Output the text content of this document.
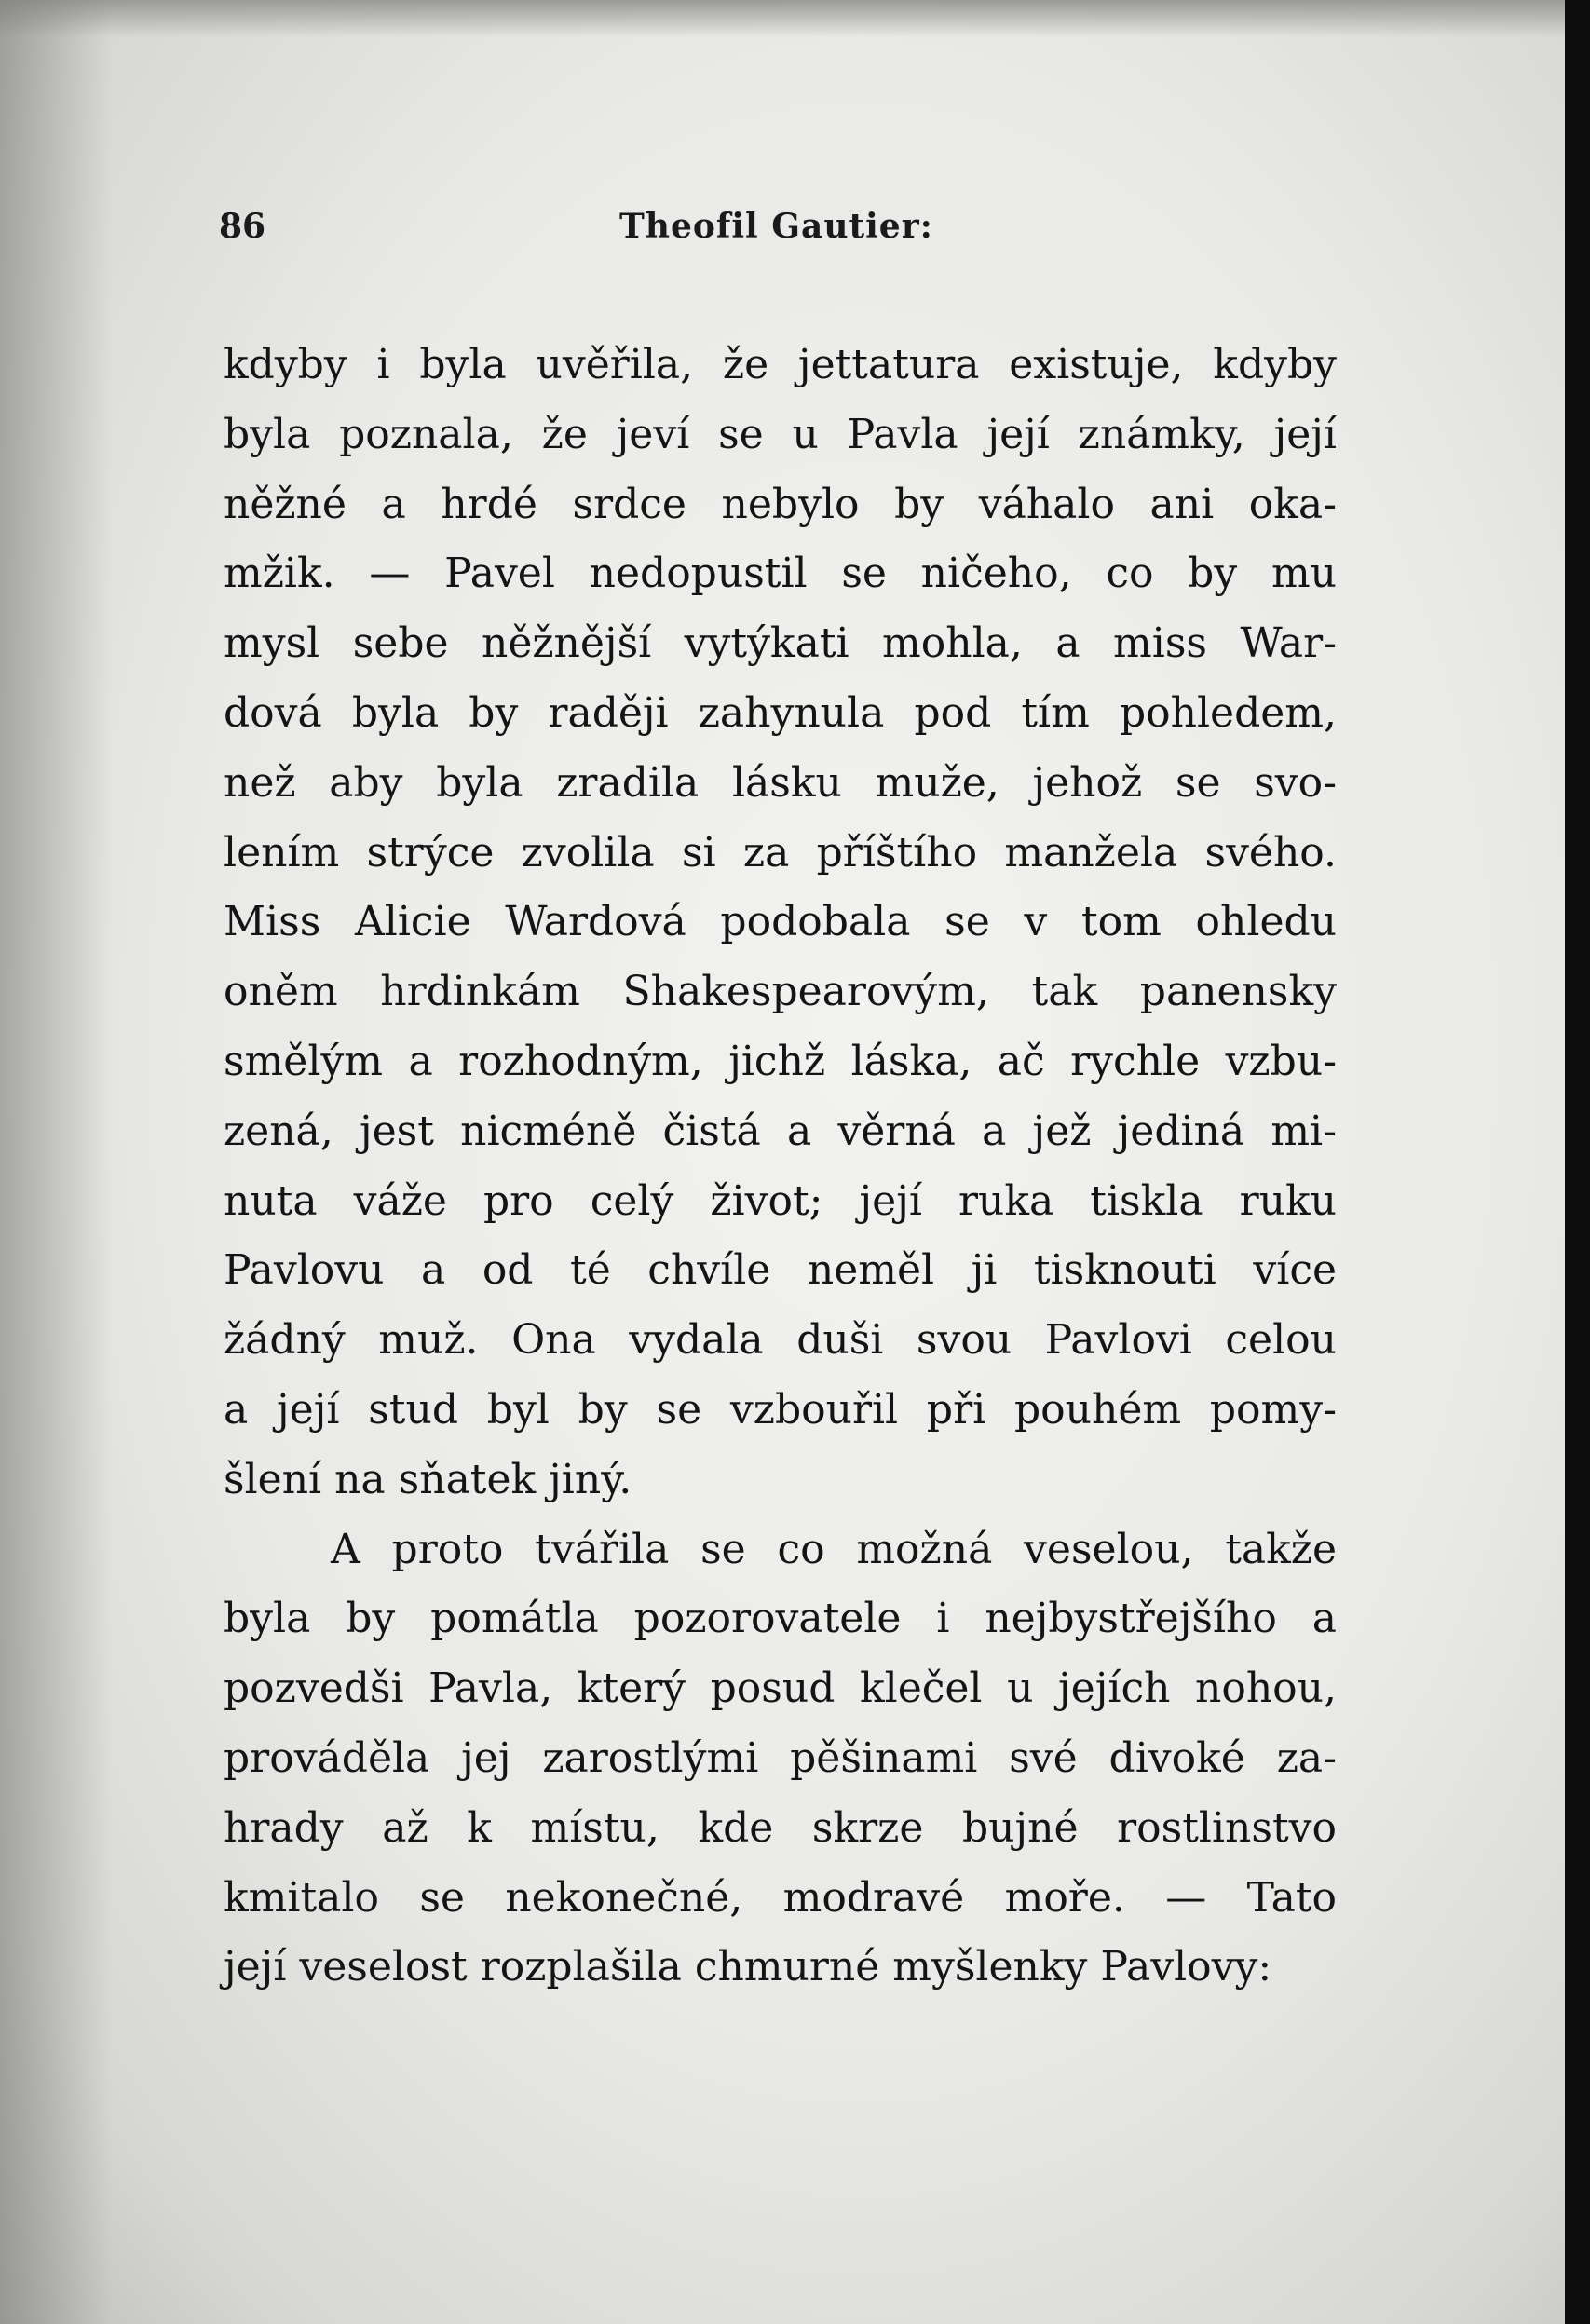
86	Theofil Gautier:
kdyby i byla uvěřila, že jettatura existuje, kdyby
byla poznala, že jeví se u Pavla její známky, její
něžné a hrdé srdce nebylo by váhalo ani oka-
mžik. — Pavel nedopustil se ničeho, co by mu
mysl sebe něžnější vytýkati mohla, a miss War-
dová byla by raději zahynula pod tím pohledem,
než aby byla zradila lásku muže, jehož se svo-
lením strýce zvolila si za příštího manžela svého.
Miss Alicie Wardová podobala se v tom ohledu
oněm hrdinkám Shakespearovým, tak panensky
smělým a rozhodným, jichž láska, ač rychle vzbu-
zená, jest nicméně čistá a věrná a jež jediná mi-
nuta váže pro celý život; její ruka tiskla ruku
Pavlovu a od té chvíle neměl ji tisknouti více
žádný muž. Ona vydala duši svou Pavlovi celou
a její stud byl by se vzbouřil při pouhém pomy-
šlení na sňatek jiný.
A proto tvářila se co možná veselou, takže
byla by pomátla pozorovatele i nejbystřejšího a
pozvedši Pavla, který posud klečel u jejích nohou,
prováděla jej zarostlými pěšinami své divoké za-
hrady až k místu, kde skrze bujné rostlinstvo
kmitalo se nekonečné, modravé moře. — Tato
její veselost rozplašila chmurné myšlenky Pavlovy:
